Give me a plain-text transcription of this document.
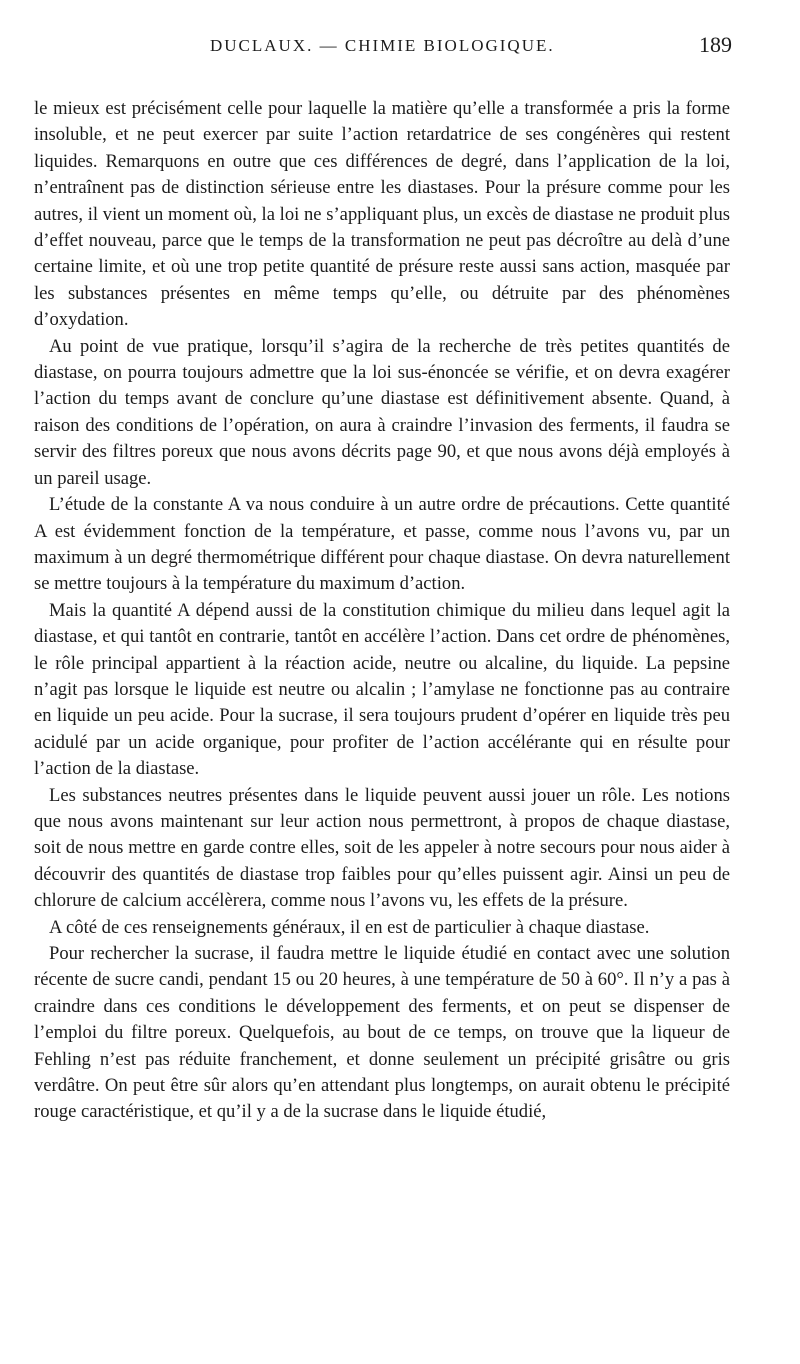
DUCLAUX. — CHIMIE BIOLOGIQUE.	189

le mieux est précisément celle pour laquelle la matière qu’elle a transformée a pris la forme insoluble, et ne peut exercer par suite l’action retardatrice de ses congénères qui restent liquides. Remarquons en outre que ces différences de degré, dans l’application de la loi, n’entraînent pas de distinction sérieuse entre les diastases. Pour la présure comme pour les autres, il vient un moment où, la loi ne s’appliquant plus, un excès de diastase ne produit plus d’effet nouveau, parce que le temps de la transformation ne peut pas décroître au delà d’une certaine limite, et où une trop petite quantité de présure reste aussi sans action, masquée par les substances présentes en même temps qu’elle, ou détruite par des phénomènes d’oxydation.

Au point de vue pratique, lorsqu’il s’agira de la recherche de très petites quantités de diastase, on pourra toujours admettre que la loi sus-énoncée se vérifie, et on devra exagérer l’action du temps avant de conclure qu’une diastase est définitivement absente. Quand, à raison des conditions de l’opération, on aura à craindre l’invasion des ferments, il faudra se servir des filtres poreux que nous avons décrits page 90, et que nous avons déjà employés à un pareil usage.

L’étude de la constante A va nous conduire à un autre ordre de précautions. Cette quantité A est évidemment fonction de la température, et passe, comme nous l’avons vu, par un maximum à un degré thermométrique différent pour chaque diastase. On devra naturellement se mettre toujours à la température du maximum d’action.

Mais la quantité A dépend aussi de la constitution chimique du milieu dans lequel agit la diastase, et qui tantôt en contrarie, tantôt en accélère l’action. Dans cet ordre de phénomènes, le rôle principal appartient à la réaction acide, neutre ou alcaline, du liquide. La pepsine n’agit pas lorsque le liquide est neutre ou alcalin ; l’amylase ne fonctionne pas au contraire en liquide un peu acide. Pour la sucrase, il sera toujours prudent d’opérer en liquide très peu acidulé par un acide organique, pour profiter de l’action accélérante qui en résulte pour l’action de la diastase.

Les substances neutres présentes dans le liquide peuvent aussi jouer un rôle. Les notions que nous avons maintenant sur leur action nous permettront, à propos de chaque diastase, soit de nous mettre en garde contre elles, soit de les appeler à notre secours pour nous aider à découvrir des quantités de diastase trop faibles pour qu’elles puissent agir. Ainsi un peu de chlorure de calcium accélèrera, comme nous l’avons vu, les effets de la présure.

A côté de ces renseignements généraux, il en est de particulier à chaque diastase.

Pour rechercher la sucrase, il faudra mettre le liquide étudié en contact avec une solution récente de sucre candi, pendant 15 ou 20 heures, à une température de 50 à 60°. Il n’y a pas à craindre dans ces conditions le développement des ferments, et on peut se dispenser de l’emploi du filtre poreux. Quelquefois, au bout de ce temps, on trouve que la liqueur de Fehling n’est pas réduite franchement, et donne seulement un précipité grisâtre ou gris verdâtre. On peut être sûr alors qu’en attendant plus longtemps, on aurait obtenu le précipité rouge caractéristique, et qu’il y a de la sucrase dans le liquide étudié,
